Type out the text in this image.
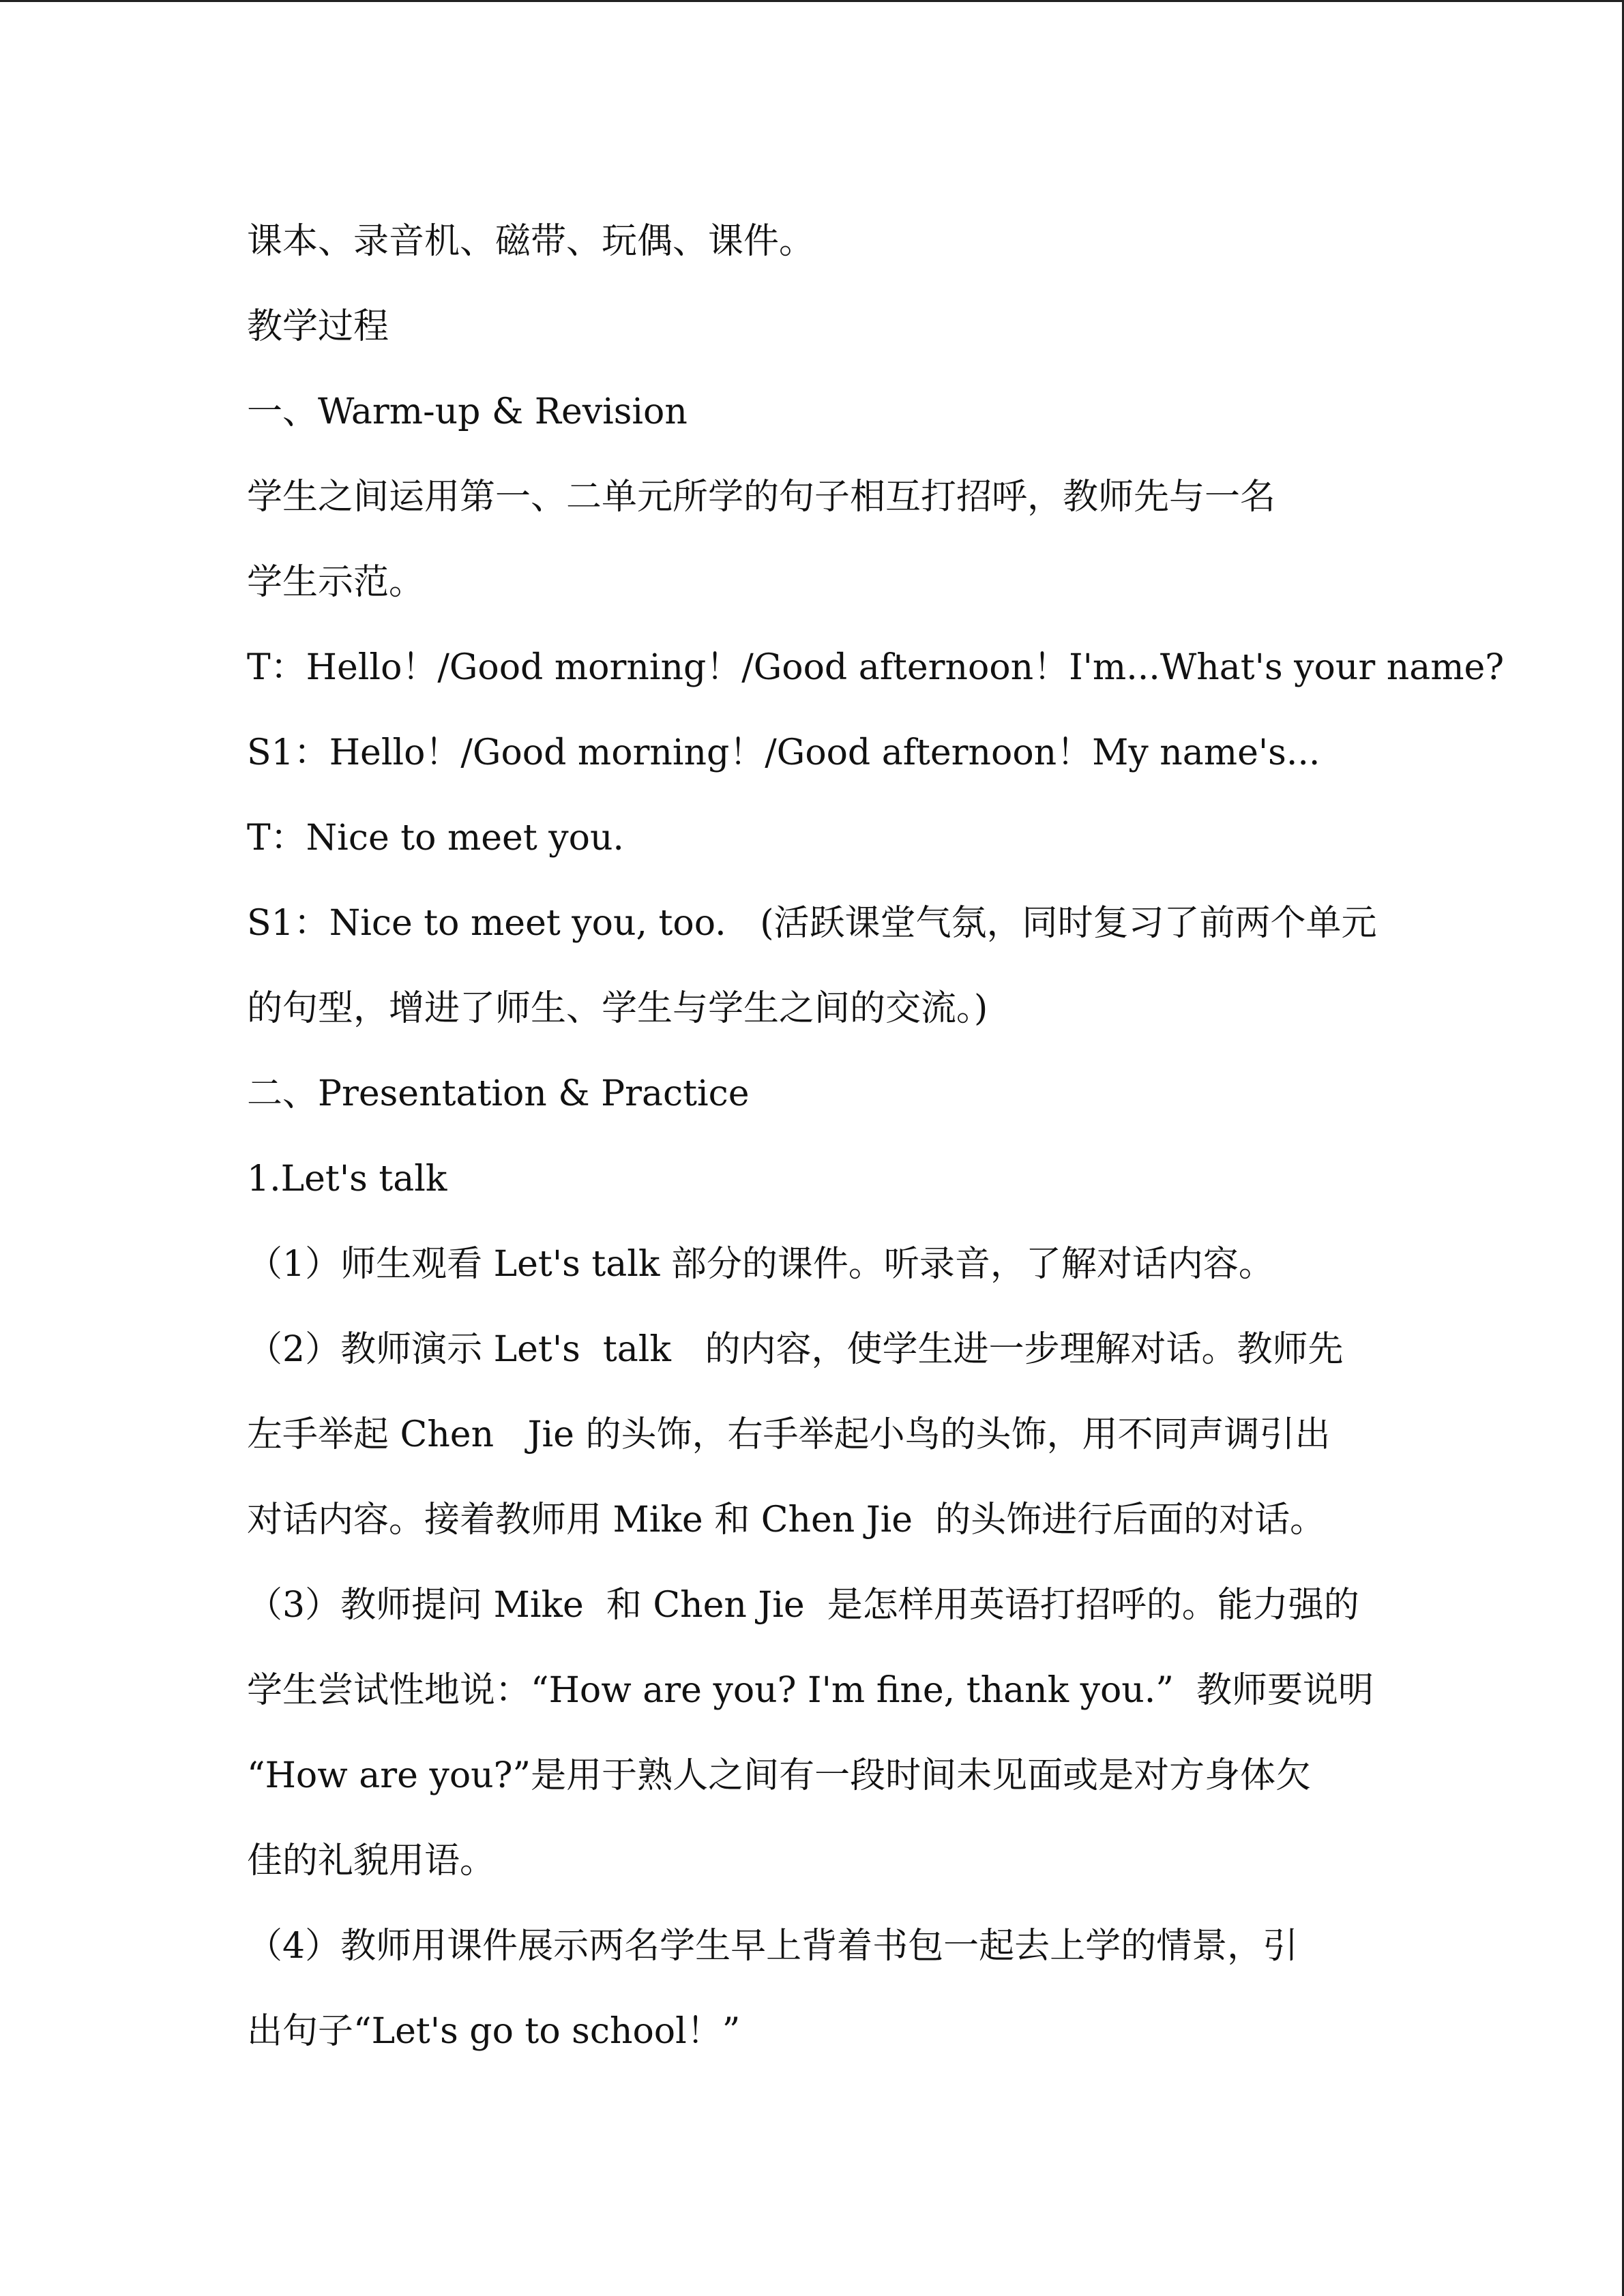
课本、录音机、磁带、玩偶、课件。
教学过程
一、Warm-up & Revision
学生之间运用第一、二单元所学的句子相互打招呼，教师先与一名
学生示范。
T：Hello！/Good morning！/Good afternoon！I'm...What's your name?
S1：Hello！/Good morning！/Good afternoon！My name's...
T：Nice to meet you.
S1：Nice to meet you, too.   (活跃课堂气氛，同时复习了前两个单元
的句型，增进了师生、学生与学生之间的交流。)
二、Presentation & Practice
1.Let's talk
（1）师生观看 Let's talk 部分的课件。听录音，了解对话内容。
（2）教师演示 Let's  talk   的内容，使学生进一步理解对话。教师先
左手举起 Chen   Jie 的头饰，右手举起小鸟的头饰，用不同声调引出
对话内容。接着教师用 Mike 和 Chen Jie  的头饰进行后面的对话。
（3）教师提问 Mike  和 Chen Jie  是怎样用英语打招呼的。能力强的
学生尝试性地说：“How are you? I'm fine, thank you.”  教师要说明
“How are you?”是用于熟人之间有一段时间未见面或是对方身体欠
佳的礼貌用语。
（4）教师用课件展示两名学生早上背着书包一起去上学的情景，引
出句子“Let's go to school！”
